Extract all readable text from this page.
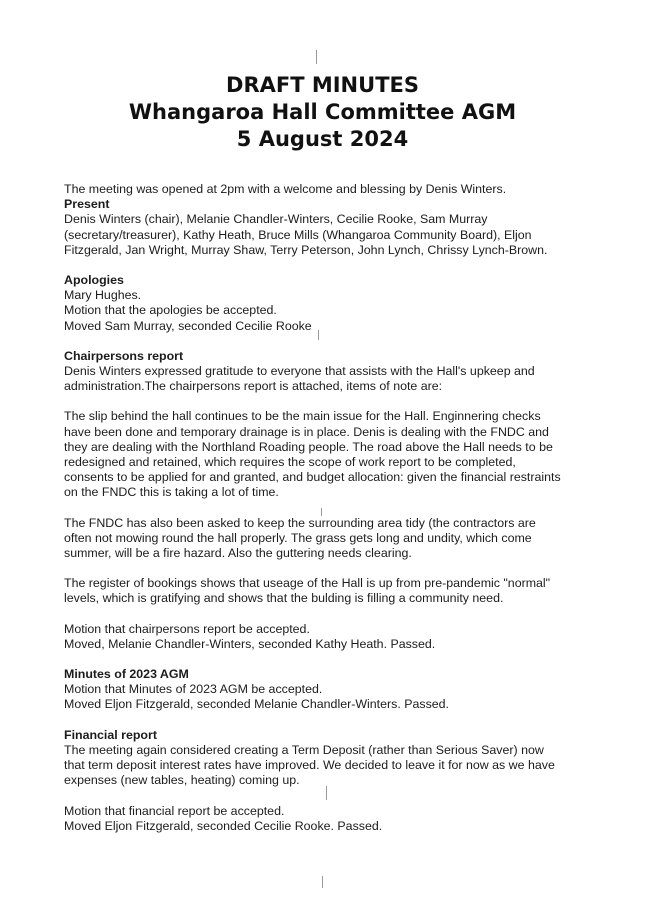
DRAFT MINUTES
Whangaroa Hall Committee AGM
5 August 2024

The meeting was opened at 2pm with a welcome and blessing by Denis Winters.

Present

Denis Winters (chair), Melanie Chandler-Winters, Cecilie Rooke, Sam Murray

(secretary/treasurer), Kathy Heath, Bruce Mills (Whangaroa Community Board), Eljon

Fitzgerald, Jan Wright, Murray Shaw, Terry Peterson, John Lynch, Chrissy Lynch-Brown.

Apologies

Mary Hughes.

Motion that the apologies be accepted.

Moved Sam Murray, seconded Cecilie Rooke

Chairpersons report

Denis Winters expressed gratitude to everyone that assists with the Hall's upkeep and

administration.The chairpersons report is attached, items of note are:

The slip behind the hall continues to be the main issue for the Hall. Enginnering checks

have been done and temporary drainage is in place. Denis is dealing with the FNDC and

they are dealing with the Northland Roading people. The road above the Hall needs to be

redesigned and retained, which requires the scope of work report to be completed,

consents to be applied for and granted, and budget allocation: given the financial restraints

on the FNDC this is taking a lot of time.

The FNDC has also been asked to keep the surrounding area tidy (the contractors are

often not mowing round the hall properly. The grass gets long and undity, which come

summer, will be a fire hazard. Also the guttering needs clearing.

The register of bookings shows that useage of the Hall is up from pre-pandemic "normal"

levels, which is gratifying and shows that the bulding is filling a community need.

Motion that chairpersons report be accepted.

Moved, Melanie Chandler-Winters, seconded Kathy Heath. Passed.

Minutes of 2023 AGM

Motion that Minutes of 2023 AGM be accepted.

Moved Eljon Fitzgerald, seconded Melanie Chandler-Winters. Passed.

Financial report

The meeting again considered creating a Term Deposit (rather than Serious Saver) now

that term deposit interest rates have improved. We decided to leave it for now as we have

expenses (new tables, heating) coming up.

Motion that financial report be accepted.

Moved Eljon Fitzgerald, seconded Cecilie Rooke. Passed.
